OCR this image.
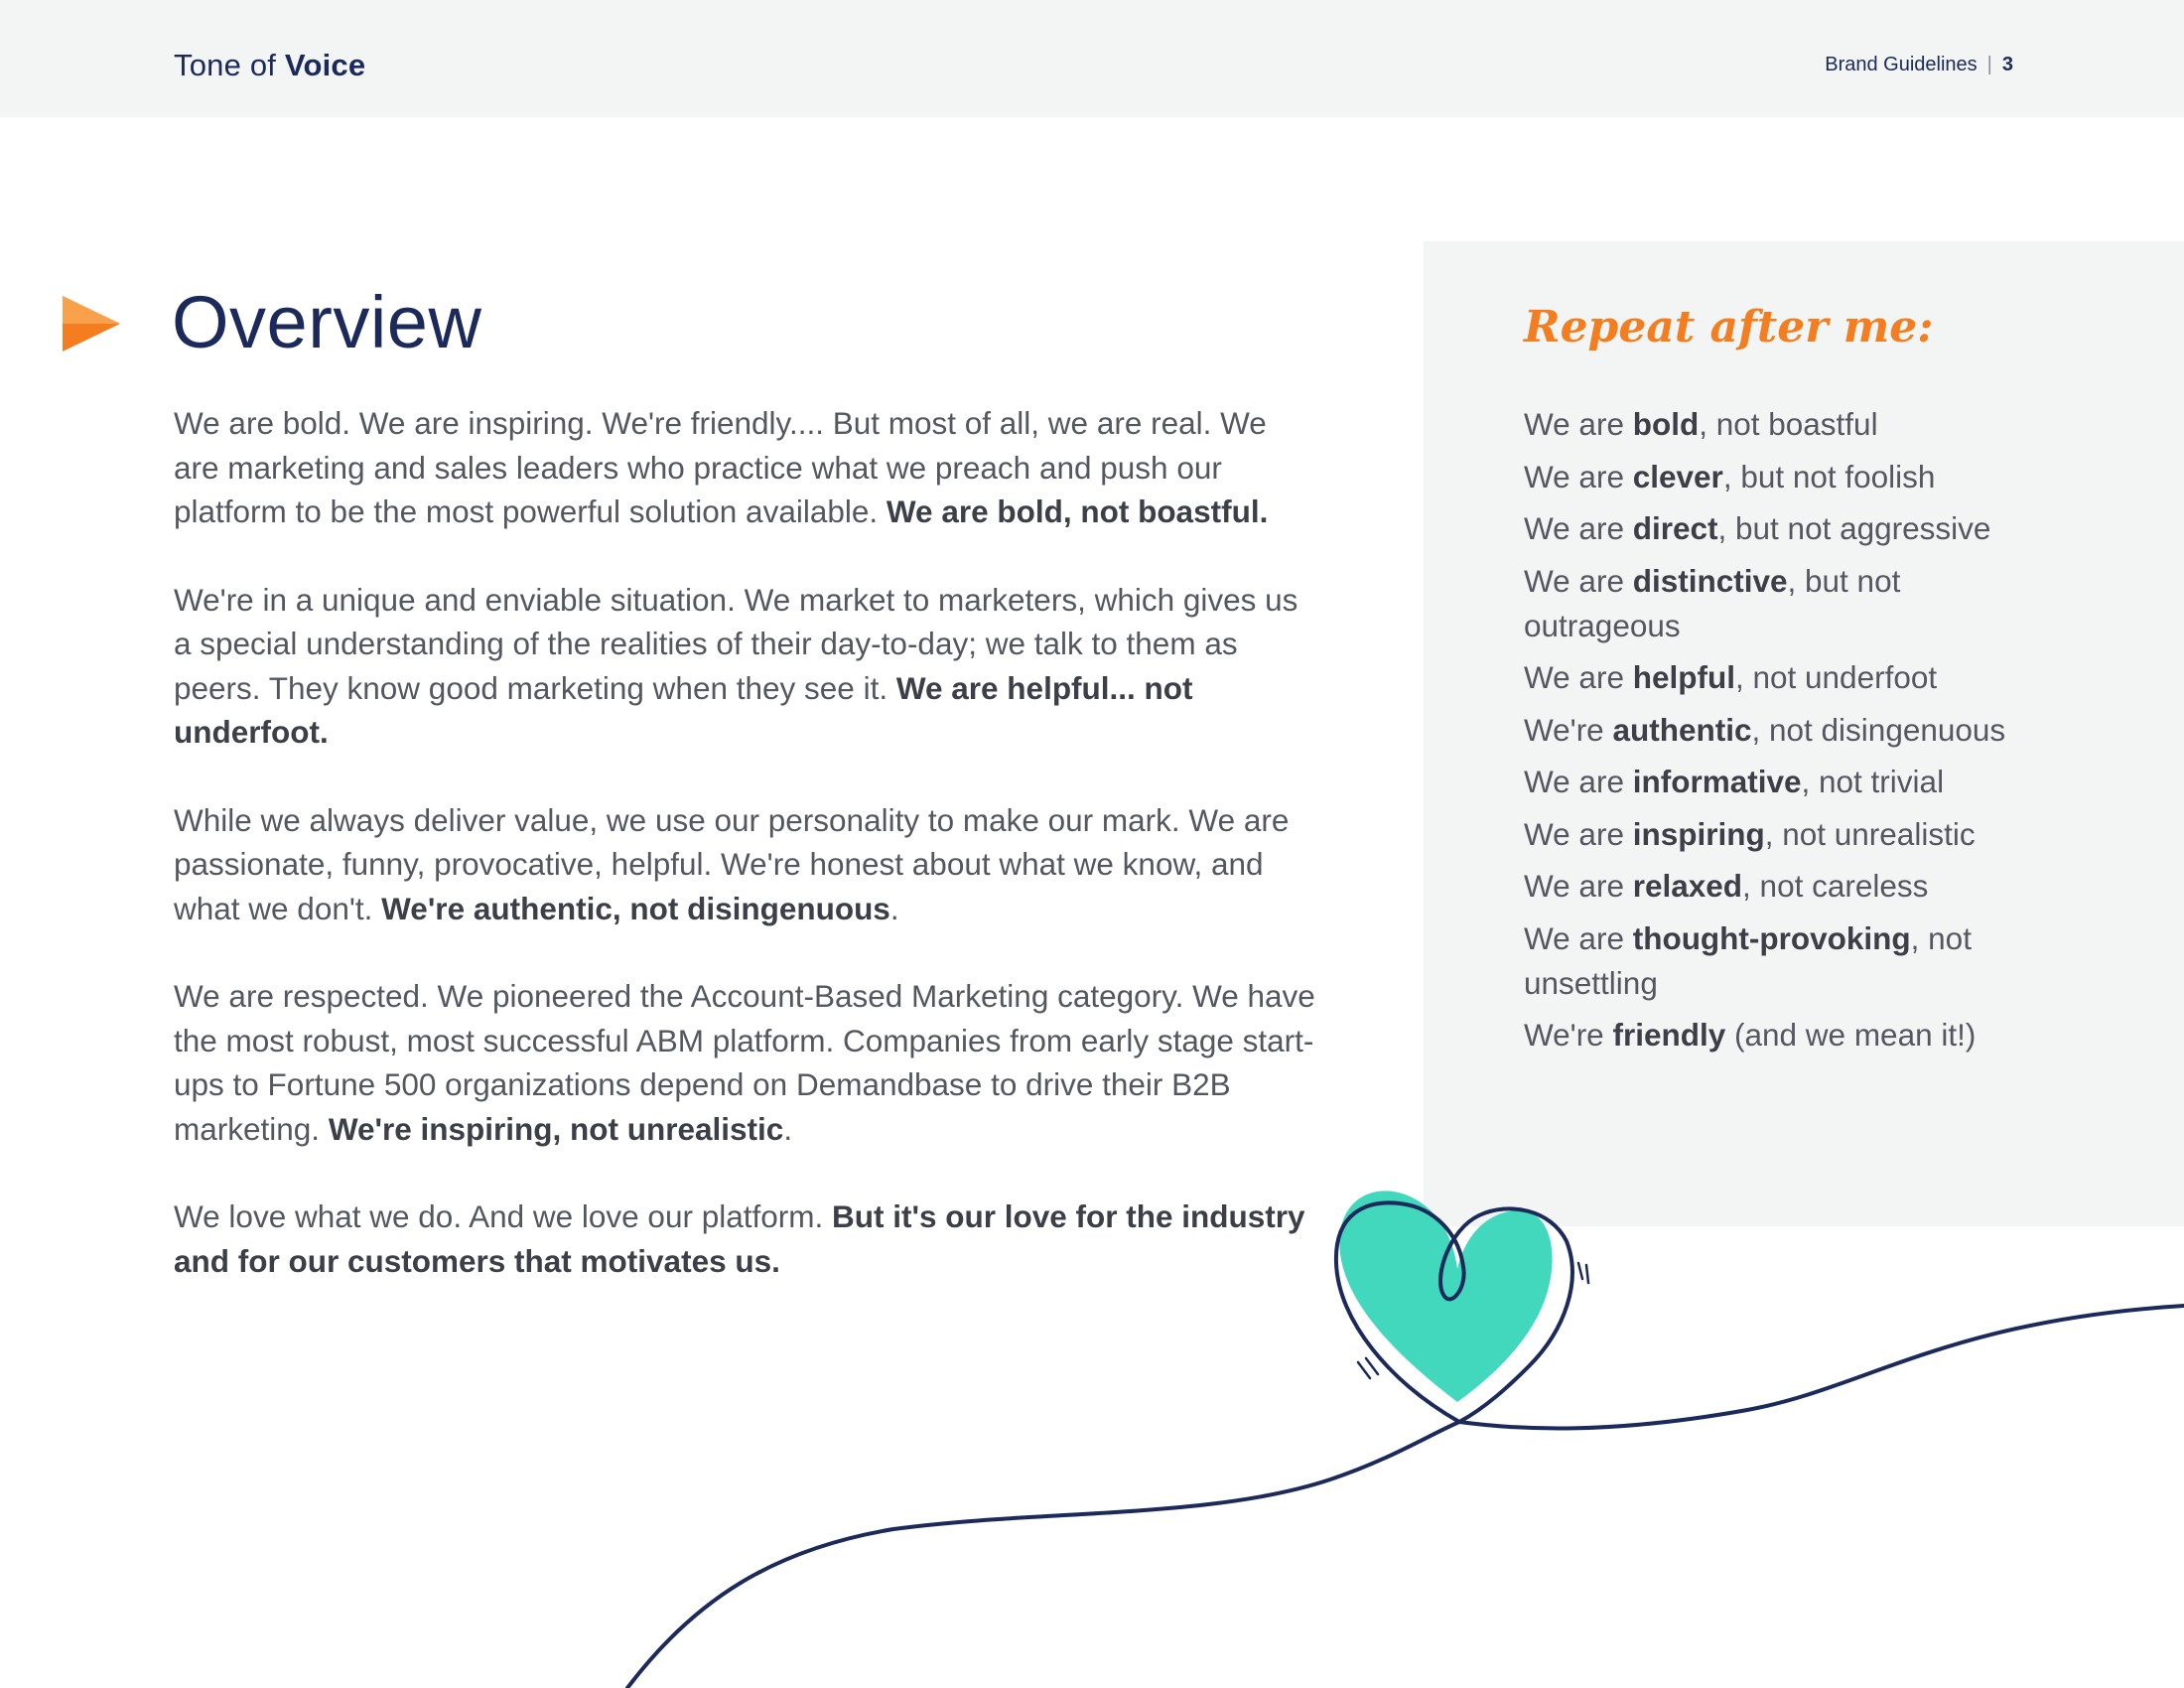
Tone of Voice	Brand Guidelines | 3
Overview

We are bold. We are inspiring. We're friendly.... But most of all, we are real. We are marketing and sales leaders who practice what we preach and push our platform to be the most powerful solution available. We are bold, not boastful.

We're in a unique and enviable situation. We market to marketers, which gives us a special understanding of the realities of their day-to-day; we talk to them as peers. They know good marketing when they see it. We are helpful... not underfoot.

While we always deliver value, we use our personality to make our mark. We are passionate, funny, provocative, helpful. We're honest about what we know, and what we don't. We're authentic, not disingenuous.

We are respected. We pioneered the Account-Based Marketing category. We have the most robust, most successful ABM platform. Companies from early stage start-ups to Fortune 500 organizations depend on Demandbase to drive their B2B marketing. We're inspiring, not unrealistic.

We love what we do. And we love our platform. But it's our love for the industry and for our customers that motivates us.

Repeat after me:
We are bold, not boastful
We are clever, but not foolish
We are direct, but not aggressive
We are distinctive, but not outrageous
We are helpful, not underfoot
We're authentic, not disingenuous
We are informative, not trivial
We are inspiring, not unrealistic
We are relaxed, not careless
We are thought-provoking, not unsettling
We're friendly (and we mean it!)
